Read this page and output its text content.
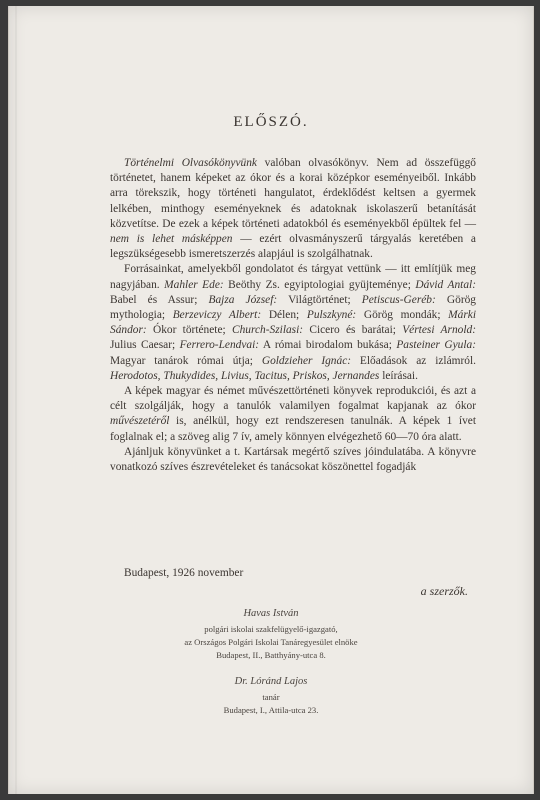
ELŐSZÓ.

Történelmi Olvasókönyvünk valóban olvasókönyv. Nem ad összefüggő történetet, hanem képeket az ókor és a korai középkor eseményeiből. Inkább arra törekszik, hogy történeti hangulatot, érdeklődést keltsen a gyermek lelkében, minthogy eseményeknek és adatoknak iskolaszerű betanítását közvetítse. De ezek a képek történeti adatokból és eseményekből épültek fel — nem is lehet másképpen — ezért olvasmányszerű tárgyalás keretében a legszükségesebb ismeretszerzés alapjául is szolgálhatnak.

Forrásainkat, amelyekből gondolatot és tárgyat vettünk — itt említjük meg nagyjában. Mahler Ede: Beöthy Zs. egyiptologiai gyüjteménye; Dávid Antal: Babel és Assur; Bajza József: Világtörténet; Petiscus-Geréb: Görög mythologia; Berzeviczy Albert: Délen; Pulszkyné: Görög mondák; Márki Sándor: Ókor története; Church-Szilasi: Cicero és barátai; Vértesi Arnold: Julius Caesar; Ferrero-Lendvai: A római birodalom bukása; Pasteiner Gyula: Magyar tanárok római útja; Goldzieher Ignác: Előadások az izlámról. Herodotos, Thukydides, Livius, Tacitus, Priskos, Jernandes leírásai.

A képek magyar és német művészettörténeti könyvek reprodukciói, és azt a célt szolgálják, hogy a tanulók valamilyen fogalmat kapjanak az ókor művészetéről is, anélkül, hogy ezt rendszeresen tanulnák. A képek 1 ívet foglalnak el; a szöveg alig 7 ív, amely könnyen elvégezhető 60—70 óra alatt.

Ajánljuk könyvünket a t. Kartársak megértő szíves jóindulatába. A könyvre vonatkozó szíves észrevételeket és tanácsokat köszönettel fogadják

Budapest, 1926 november
a szerzők.
Havas István
polgári iskolai szakfelügyelő-igazgató,
az Országos Polgári Iskolai Tanáregyesület elnöke
Budapest, II., Batthyány-utca 8.
Dr. Lóránd Lajos
tanár
Budapest, I., Attila-utca 23.
